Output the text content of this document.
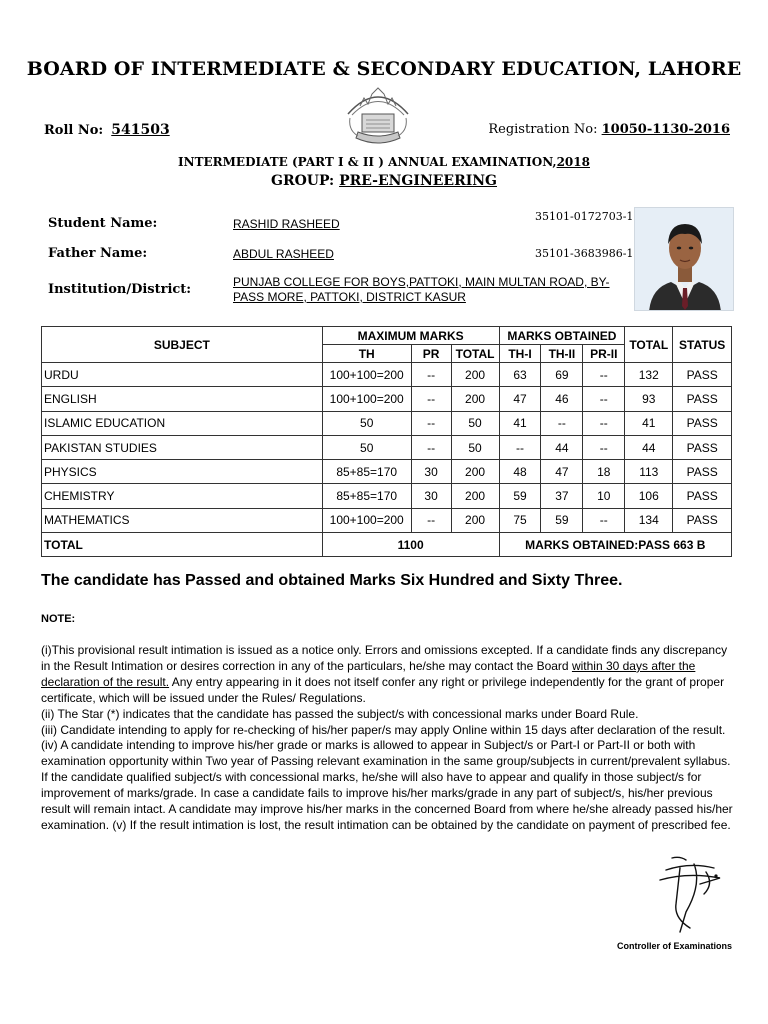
BOARD OF INTERMEDIATE & SECONDARY EDUCATION, LAHORE
Roll No: 541503	Registration No: 10050-1130-2016
INTERMEDIATE (PART I & II ) ANNUAL EXAMINATION,2018
GROUP: PRE-ENGINEERING
Student Name:	RASHID RASHEED
35101-0172703-1
Father Name:	ABDUL RASHEED	35101-3683986-1
Institution/District:	PUNJAB COLLEGE FOR BOYS,PATTOKI, MAIN MULTAN ROAD, BY-
PASS MORE, PATTOKI, DISTRICT KASUR
SUBJECT	MAXIMUM MARKS			MARKS OBTAINED			TOTAL	STATUS
	TH	PR	TOTAL	TH-I	TH-II	PR-II		
URDU	100+100=200	--	200	63	69	--	132	PASS
ENGLISH	100+100=200	--	200	47	46	--	93	PASS
ISLAMIC EDUCATION	50	--	50	41	--	--	41	PASS
PAKISTAN STUDIES	50	--	50	--	44	--	44	PASS
PHYSICS	85+85=170	30	200	48	47	18	113	PASS
CHEMISTRY	85+85=170	30	200	59	37	10	106	PASS
MATHEMATICS	100+100=200	--	200	75	59	--	134	PASS
TOTAL	1100			MARKS OBTAINED:PASS 663 B				
The candidate has Passed and obtained Marks Six Hundred and Sixty Three.
NOTE:
(i)This provisional result intimation is issued as a notice only. Errors and omissions excepted. If a candidate finds any discrepancy in the Result Intimation or desires correction in any of the particulars, he/she may contact the Board within 30 days after the declaration of the result. Any entry appearing in it does not itself confer any right or privilege independently for the grant of proper certificate, which will be issued under the Rules/ Regulations.
(ii) The Star (*) indicates that the candidate has passed the subject/s with concessional marks under Board Rule.
(iii) Candidate intending to apply for re-checking of his/her paper/s may apply Online within 15 days after declaration of the result. (iv) A candidate intending to improve his/her grade or marks is allowed to appear in Subject/s or Part-I or Part-II or both with examination opportunity within Two year of Passing relevant examination in the same group/subjects in current/prevalent syllabus. If the candidate qualified subject/s with concessional marks, he/she will also have to appear and qualify in those subject/s for improvement of marks/grade. In case a candidate fails to improve his/her marks/grade in any part of subject/s, his/her previous result will remain intact. A candidate may improve his/her marks in the concerned Board from where he/she already passed his/her examination. (v) If the result intimation is lost, the result intimation can be obtained by the candidate on payment of prescribed fee.
Controller of Examinations
